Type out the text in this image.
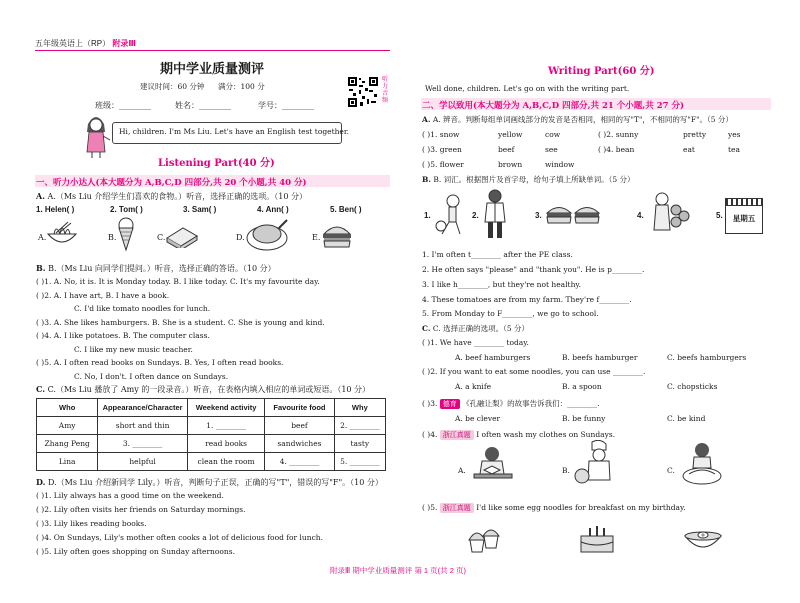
五年级英语上（RP） 附录Ⅲ
期中学业质量测评
建议时间：60 分钟 满分：100 分
班级：________	姓名：________	学号：________
听力音频
Hi, children. I'm Ms Liu. Let's have an English test together.
Listening Part(40 分)
一、听力小达人(本大题分为 A,B,C,D 四部分,共 20 个小题,共 40 分)
A. A.（Ms Liu 介绍学生们喜欢的食物。）听音，选择正确的选项。（10 分）
1. Helen( )	2. Tom( )	3. Sam( )	4. Ann( )	5. Ben( )
A.	B.	C.	D.	E.
B. B.（Ms Liu 向同学们提问。）听音，选择正确的答语。（10 分）
( )1. A. No, it is. It is Monday today. B. I like today. C. It's my favourite day.
( )2. A. I have art, B. I have a book.
C. I'd like tomato noodles for lunch.
( )3. A. She likes hamburgers. B. She is a student. C. She is young and kind.
( )4. A. I like potatoes. B. The computer class.
C. I like my new music teacher.
( )5. A. I often read books on Sundays. B. Yes, I often read books.
C. No, I don't. I often dance on Sundays.
C. C.（Ms Liu 播放了 Amy 的一段录音。）听音，在表格内填入相应的单词或短语。（10 分）
Who	Appearance/Character	Weekend activity	Favourite food	Why
Amy	short and thin	1. ________	beef	2. ________
Zhang Peng	3. ________	read books	sandwiches	tasty
Lina	helpful	clean the room	4. ________	5. ________
D. D.（Ms Liu 介绍新同学 Lily。）听音，判断句子正误，正确的写"T"，错误的写"F"。（10 分）
( )1. Lily always has a good time on the weekend.
( )2. Lily often visits her friends on Saturday mornings.
( )3. Lily likes reading books.
( )4. On Sundays, Lily's mother often cooks a lot of delicious food for lunch.
( )5. Lily often goes shopping on Sunday afternoons.
Writing Part(60 分)
Well done, children. Let's go on with the writing part.
二、学以致用(本大题分为 A,B,C,D 四部分,共 21 个小题,共 27 分)
A. A. 辨音。判断每组单词画线部分的发音是否相同，相同的写"T"，不相同的写"F"。（5 分）
( )1. snow	yellow	cow	( )2. sunny	pretty	yes
( )3. green	beef	see	( )4. bean	eat	tea
( )5. flower	brown	window
B. B. 词汇。根据图片及首字母，给句子填上所缺单词。（5 分）
1.	2.	3.	4.	5.	星期五
1. I'm often t________ after the PE class.
2. He often says "please" and "thank you". He is p________.
3. I like h________, but they're not healthy.
4. These tomatoes are from my farm. They're f________.
5. From Monday to F________, we go to school.
C. C. 选择正确的选项。（5 分）
( )1. We have ________ today.
A. beef hamburgers	B. beefs hamburger	C. beefs hamburgers
( )2. If you want to eat some noodles, you can use ________.
A. a knife	B. a spoon	C. chopsticks
( )3. 德育 《孔融让梨》的故事告诉我们：________.
A. be clever	B. be funny	C. be kind
( )4. 浙江真题 I often wash my clothes on Sundays.
A.	B.	C.
( )5. 浙江真题 I'd like some egg noodles for breakfast on my birthday.
附录Ⅲ 期中学业质量测评 第 1 页(共 2 页)
